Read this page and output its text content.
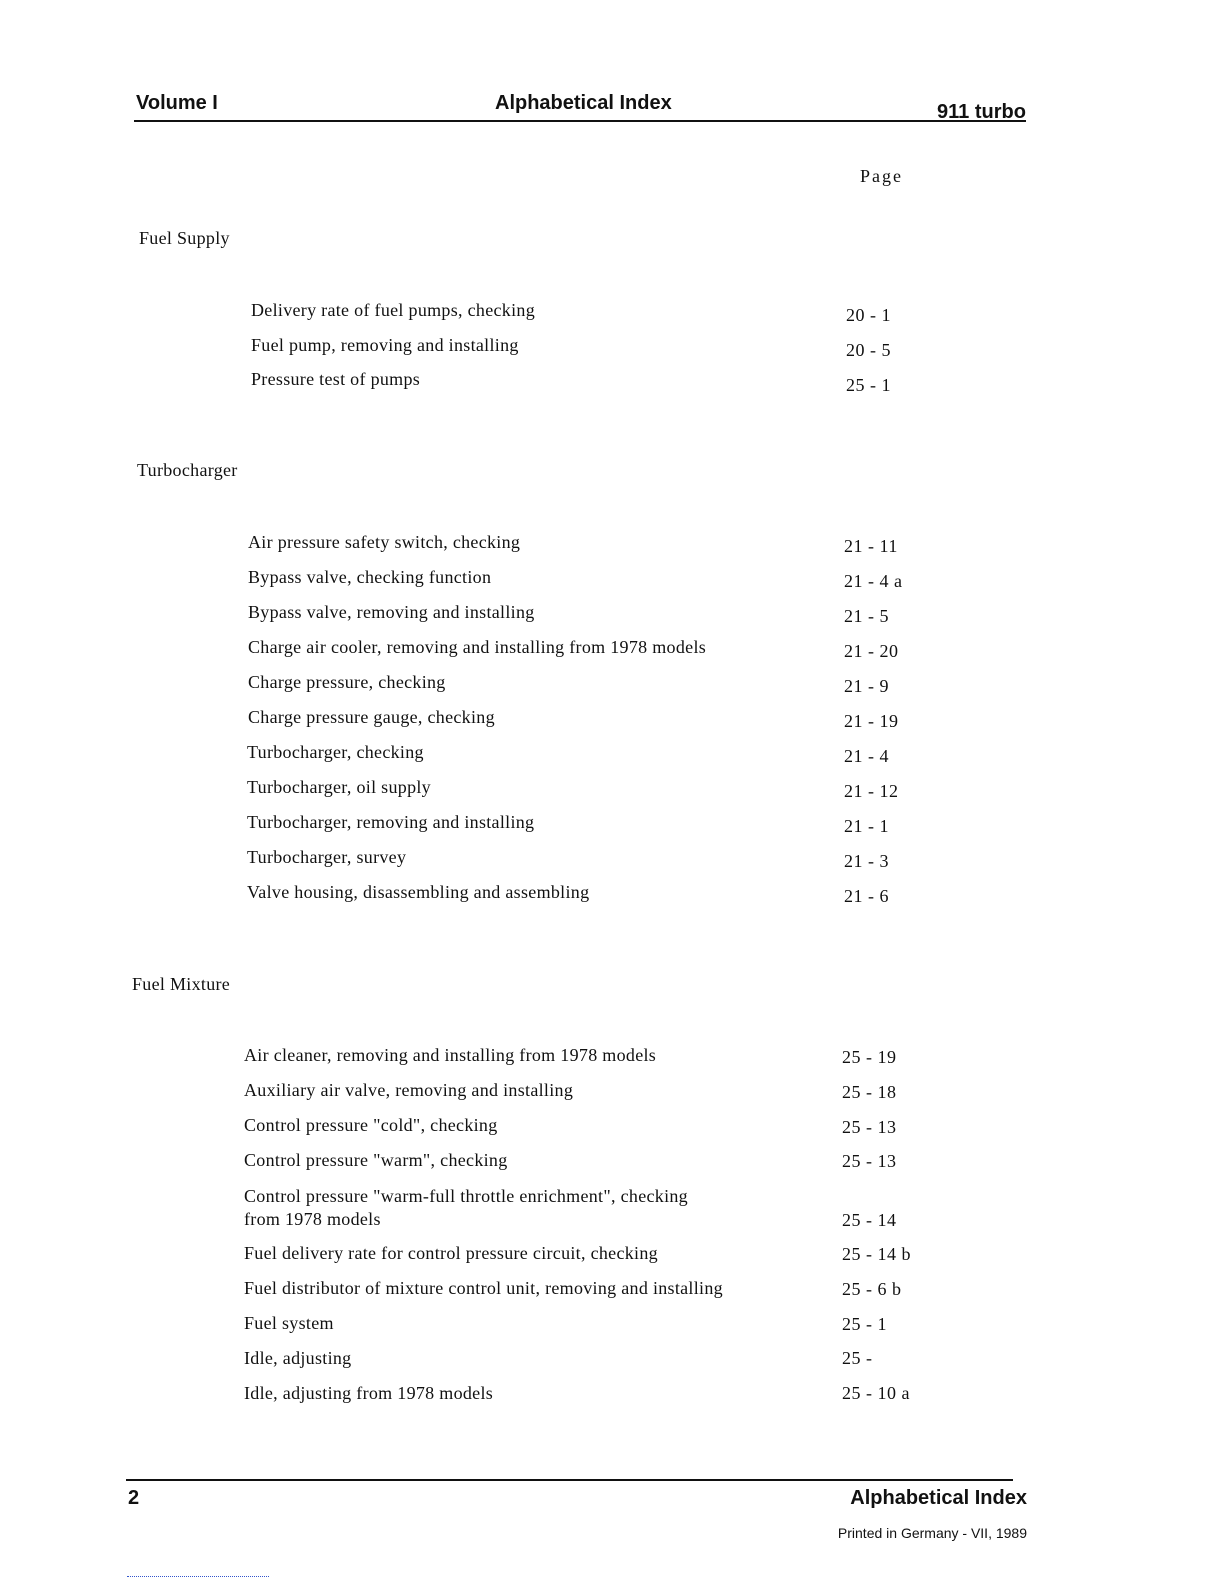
Volume I	Alphabetical Index	911 turbo
Page
Fuel Supply
Delivery rate of fuel pumps, checking	20 - 1
Fuel pump, removing and installing	20 - 5
Pressure test of pumps	25 - 1
Turbocharger
Air pressure safety switch, checking	21 - 11
Bypass valve, checking function	21 - 4 a
Bypass valve, removing and installing	21 - 5
Charge air cooler, removing and installing from 1978 models	21 - 20
Charge pressure, checking	21 - 9
Charge pressure gauge, checking	21 - 19
Turbocharger, checking	21 - 4
Turbocharger, oil supply	21 - 12
Turbocharger, removing and installing	21 - 1
Turbocharger, survey	21 - 3
Valve housing, disassembling and assembling	21 - 6
Fuel Mixture
Air cleaner, removing and installing from 1978 models	25 - 19
Auxiliary air valve, removing and installing	25 - 18
Control pressure "cold", checking	25 - 13
Control pressure "warm", checking	25 - 13
Control pressure "warm-full throttle enrichment", checking
from 1978 models	25 - 14
Fuel delivery rate for control pressure circuit, checking	25 - 14 b
Fuel distributor of mixture control unit, removing and installing	25 - 6 b
Fuel system	25 - 1
Idle, adjusting	25 -
Idle, adjusting from 1978 models	25 - 10 a
2	Alphabetical Index
Printed in Germany - VII, 1989
